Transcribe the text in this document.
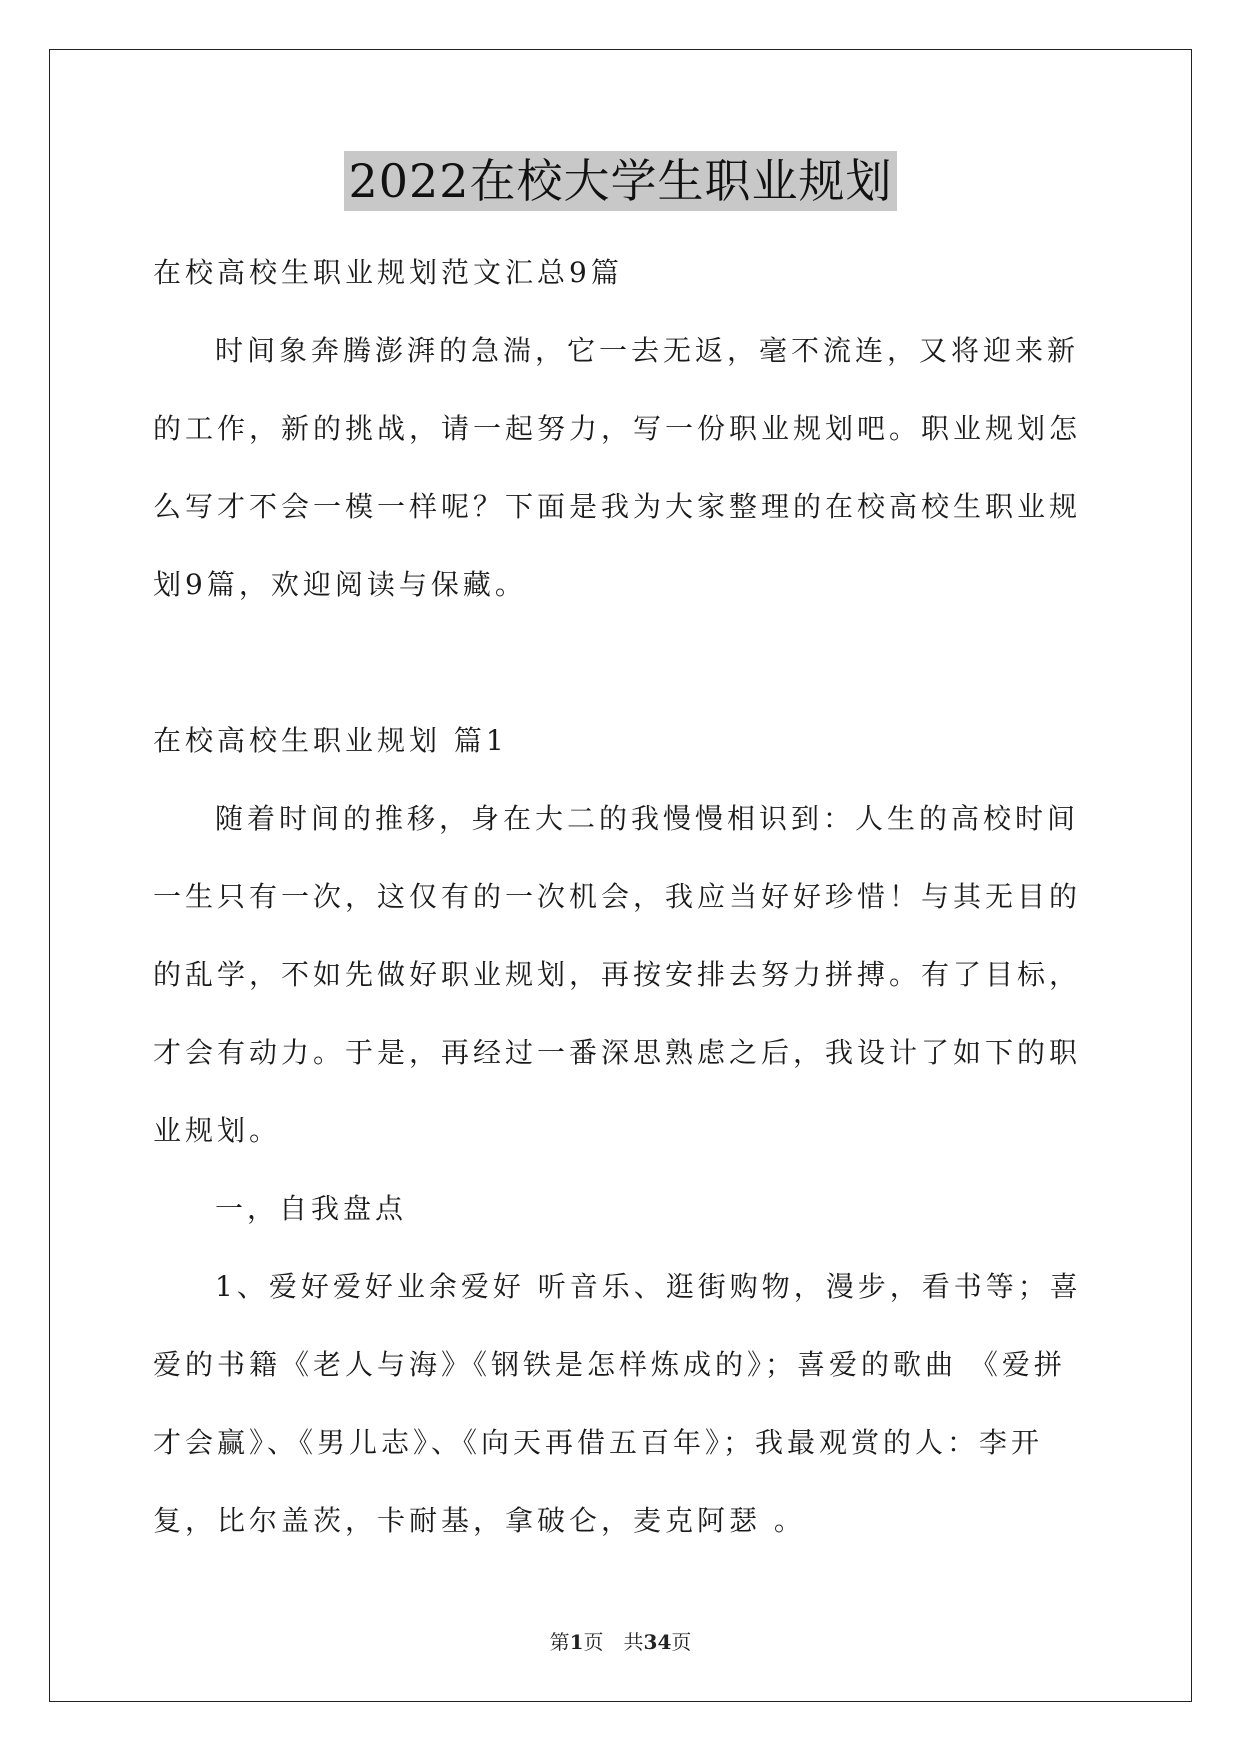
2022在校大学生职业规划

在校高校生职业规划范文汇总9篇

时间象奔腾澎湃的急湍，它一去无返，毫不流连，又将迎来新的工作，新的挑战，请一起努力，写一份职业规划吧。职业规划怎么写才不会一模一样呢？下面是我为大家整理的在校高校生职业规划9篇，欢迎阅读与保藏。

在校高校生职业规划 篇1

随着时间的推移，身在大二的我慢慢相识到：人生的高校时间一生只有一次，这仅有的一次机会，我应当好好珍惜！与其无目的的乱学，不如先做好职业规划，再按安排去努力拼搏。有了目标，才会有动力。于是，再经过一番深思熟虑之后，我设计了如下的职业规划。

一，自我盘点

1、爱好爱好业余爱好 听音乐、逛街购物，漫步，看书等；喜爱的书籍《老人与海》《钢铁是怎样炼成的》；喜爱的歌曲 《爱拼才会赢》、《男儿志》、《向天再借五百年》；我最观赏的人：李开复，比尔盖茨，卡耐基，拿破仑，麦克阿瑟 。

第1页　共34页
